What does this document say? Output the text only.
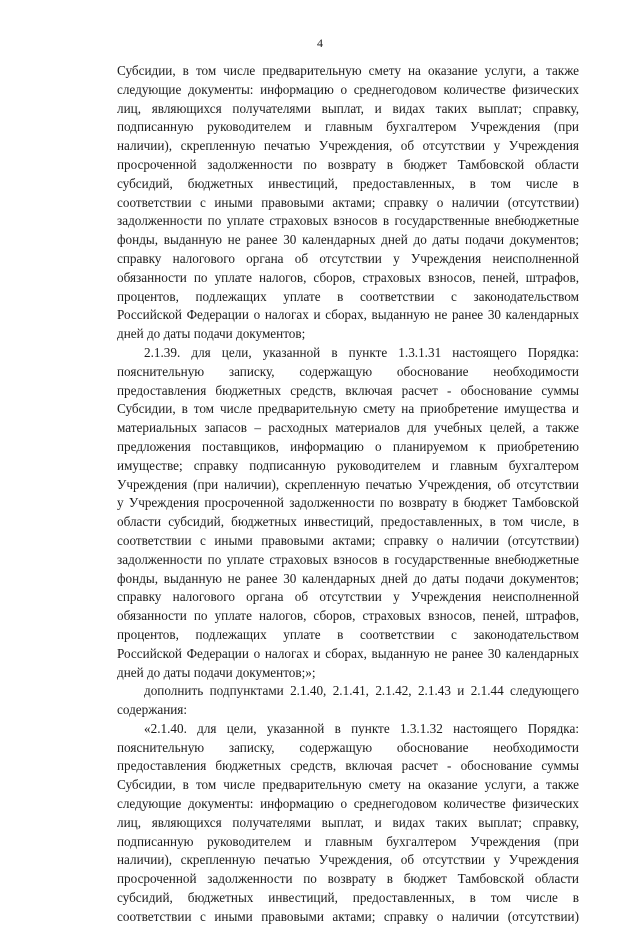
4
Субсидии, в том числе предварительную смету на оказание услуги, а также
следующие документы: информацию о среднегодовом количестве физических
лиц, являющихся получателями выплат, и видах таких выплат; справку,
подписанную руководителем и главным бухгалтером Учреждения (при
наличии), скрепленную печатью Учреждения, об отсутствии у Учреждения
просроченной задолженности по возврату в бюджет Тамбовской области
субсидий, бюджетных инвестиций, предоставленных, в том числе в
соответствии с иными правовыми актами; справку о наличии (отсутствии)
задолженности по уплате страховых взносов в государственные внебюджетные
фонды, выданную не ранее 30 календарных дней до даты подачи документов;
справку налогового органа об отсутствии у Учреждения неисполненной
обязанности по уплате налогов, сборов, страховых взносов, пеней, штрафов,
процентов, подлежащих уплате в соответствии с законодательством
Российской Федерации о налогах и сборах, выданную не ранее 30 календарных
дней до даты подачи документов;
2.1.39. для цели, указанной в пункте 1.3.1.31 настоящего Порядка:
пояснительную записку, содержащую обоснование необходимости
предоставления бюджетных средств, включая расчет - обоснование суммы
Субсидии, в том числе предварительную смету на приобретение имущества и
материальных запасов – расходных материалов для учебных целей, а также
предложения поставщиков, информацию о планируемом к приобретению
имуществе; справку подписанную руководителем и главным бухгалтером
Учреждения (при наличии), скрепленную печатью Учреждения, об отсутствии
у Учреждения просроченной задолженности по возврату в бюджет Тамбовской
области субсидий, бюджетных инвестиций, предоставленных, в том числе, в
соответствии с иными правовыми актами; справку о наличии (отсутствии)
задолженности по уплате страховых взносов в государственные внебюджетные
фонды, выданную не ранее 30 календарных дней до даты подачи документов;
справку налогового органа об отсутствии у Учреждения неисполненной
обязанности по уплате налогов, сборов, страховых взносов, пеней, штрафов,
процентов, подлежащих уплате в соответствии с законодательством
Российской Федерации о налогах и сборах, выданную не ранее 30 календарных
дней до даты подачи документов;»;
дополнить подпунктами 2.1.40, 2.1.41, 2.1.42, 2.1.43 и 2.1.44 следующего
содержания:
«2.1.40. для цели, указанной в пункте 1.3.1.32 настоящего Порядка:
пояснительную записку, содержащую обоснование необходимости
предоставления бюджетных средств, включая расчет - обоснование суммы
Субсидии, в том числе предварительную смету на оказание услуги, а также
следующие документы: информацию о среднегодовом количестве физических
лиц, являющихся получателями выплат, и видах таких выплат; справку,
подписанную руководителем и главным бухгалтером Учреждения (при
наличии), скрепленную печатью Учреждения, об отсутствии у Учреждения
просроченной задолженности по возврату в бюджет Тамбовской области
субсидий, бюджетных инвестиций, предоставленных, в том числе в
соответствии с иными правовыми актами; справку о наличии (отсутствии)
